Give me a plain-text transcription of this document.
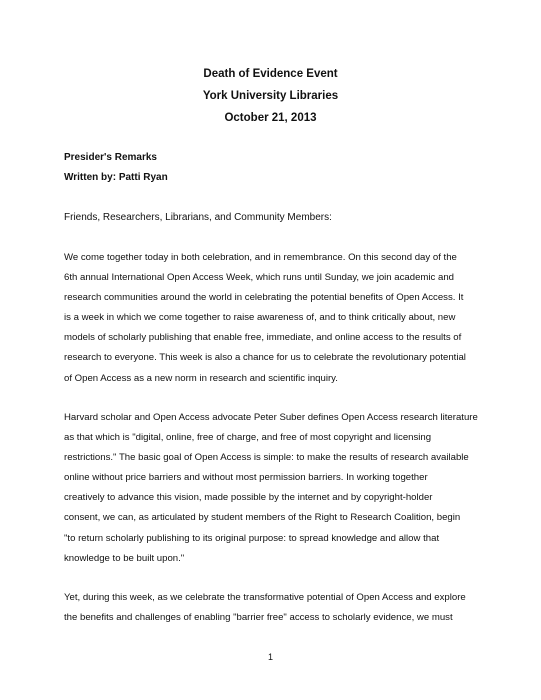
Death of Evidence Event
York University Libraries
October 21, 2013
Presider's Remarks
Written by: Patti Ryan
Friends, Researchers, Librarians, and Community Members:
We come together today in both celebration, and in remembrance. On this second day of the
6th annual International Open Access Week, which runs until Sunday, we join academic and
research communities around the world in celebrating the potential benefits of Open Access. It
is a week in which we come together to raise awareness of, and to think critically about, new
models of scholarly publishing that enable free, immediate, and online access to the results of
research to everyone. This week is also a chance for us to celebrate the revolutionary potential
of Open Access as a new norm in research and scientific inquiry.
Harvard scholar and Open Access advocate Peter Suber defines Open Access research literature
as that which is "digital, online, free of charge, and free of most copyright and licensing
restrictions." The basic goal of Open Access is simple: to make the results of research available
online without price barriers and without most permission barriers. In working together
creatively to advance this vision, made possible by the internet and by copyright-holder
consent, we can, as articulated by student members of the Right to Research Coalition, begin
"to return scholarly publishing to its original purpose: to spread knowledge and allow that
knowledge to be built upon."
Yet, during this week, as we celebrate the transformative potential of Open Access and explore
the benefits and challenges of enabling "barrier free" access to scholarly evidence, we must
1
